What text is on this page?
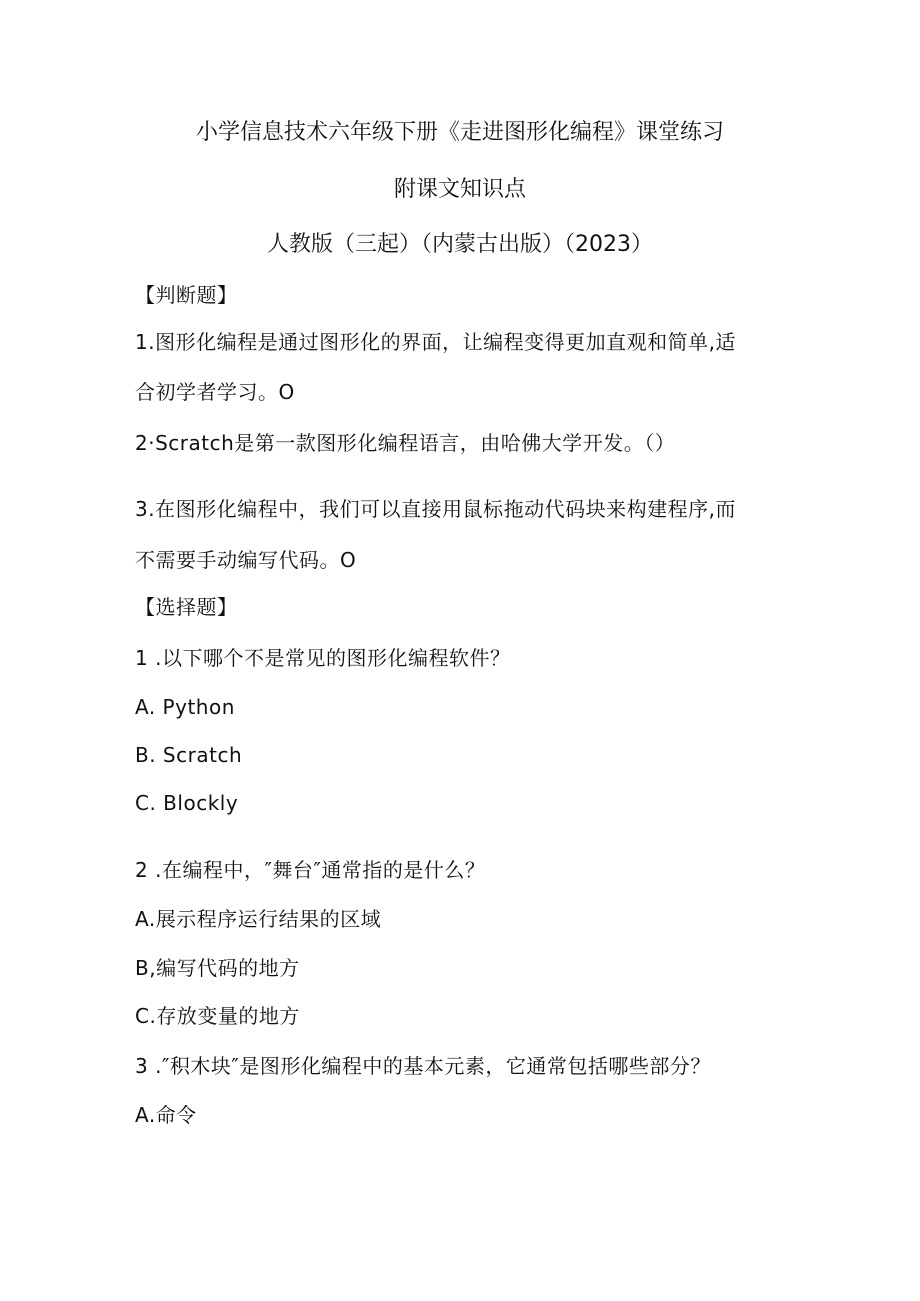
小学信息技术六年级下册《走进图形化编程》课堂练习
附课文知识点
人教版（三起）（内蒙古出版）（2023）

【判断题】

1.图形化编程是通过图形化的界面，让编程变得更加直观和简单,适

合初学者学习。O

2·Scratch是第一款图形化编程语言，由哈佛大学开发。（）

3.在图形化编程中，我们可以直接用鼠标拖动代码块来构建程序,而

不需要手动编写代码。O

【选择题】

1 .以下哪个不是常见的图形化编程软件？

A. Python

B. Scratch

C. Blockly

2 .在编程中，″舞台″通常指的是什么？

A.展示程序运行结果的区域

B,编写代码的地方

C.存放变量的地方

3 .″积木块″是图形化编程中的基本元素，它通常包括哪些部分？

A.命令
